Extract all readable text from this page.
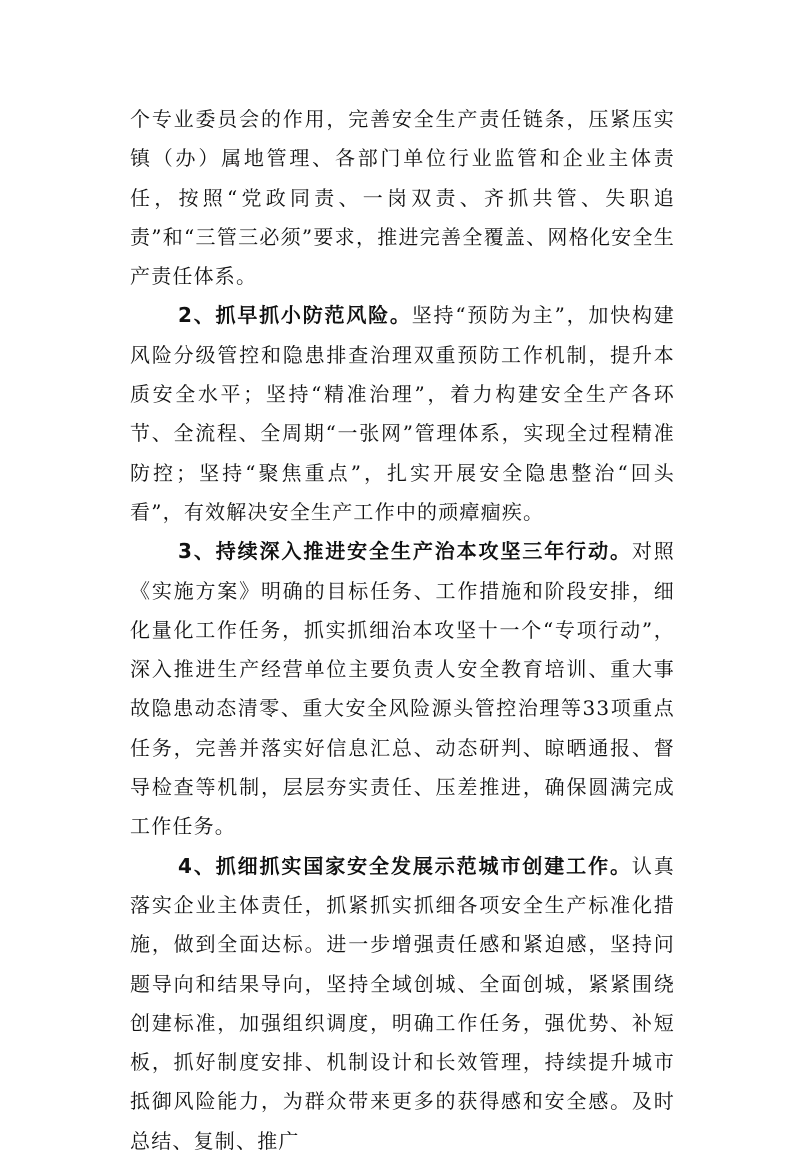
个专业委员会的作用，完善安全生产责任链条，压紧压实镇（办）属地管理、各部门单位行业监管和企业主体责任，按照“党政同责、一岗双责、齐抓共管、失职追责”和“三管三必须”要求，推进完善全覆盖、网格化安全生产责任体系。

2、抓早抓小防范风险。坚持“预防为主”，加快构建风险分级管控和隐患排查治理双重预防工作机制，提升本质安全水平；坚持“精准治理”，着力构建安全生产各环节、全流程、全周期“一张网”管理体系，实现全过程精准防控；坚持“聚焦重点”，扎实开展安全隐患整治“回头看”，有效解决安全生产工作中的顽瘴痼疾。

3、持续深入推进安全生产治本攻坚三年行动。对照《实施方案》明确的目标任务、工作措施和阶段安排，细化量化工作任务，抓实抓细治本攻坚十一个“专项行动”，深入推进生产经营单位主要负责人安全教育培训、重大事故隐患动态清零、重大安全风险源头管控治理等33项重点任务，完善并落实好信息汇总、动态研判、晾晒通报、督导检查等机制，层层夯实责任、压差推进，确保圆满完成工作任务。

4、抓细抓实国家安全发展示范城市创建工作。认真落实企业主体责任，抓紧抓实抓细各项安全生产标准化措施，做到全面达标。进一步增强责任感和紧迫感，坚持问题导向和结果导向，坚持全域创城、全面创城，紧紧围绕创建标准，加强组织调度，明确工作任务，强优势、补短板，抓好制度安排、机制设计和长效管理，持续提升城市抵御风险能力，为群众带来更多的获得感和安全感。及时总结、复制、推广
